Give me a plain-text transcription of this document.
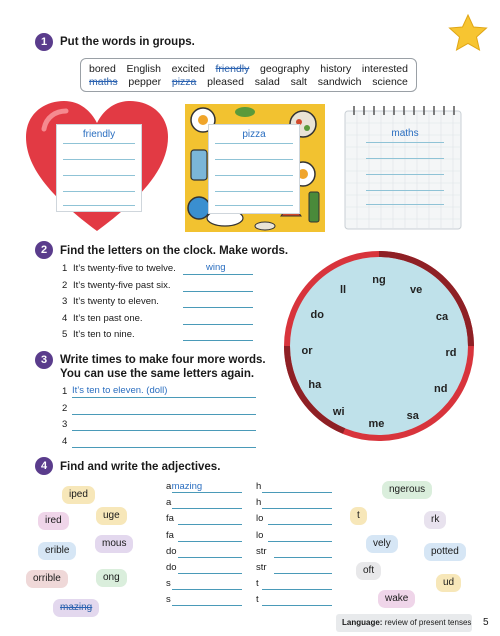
1	Put the words in groups.
bored English excited friendly geography history interested
maths pepper pizza pleased salad salt sandwich science
friendly	pizza	maths
2	Find the letters on the clock. Make words.
1 It’s twenty-five to twelve.	wing
2 It’s twenty-five past six.
3 It’s twenty to eleven.
4 It’s ten past one.
5 It’s ten to nine.
ng
ve
ca
rd
nd
sa
me
wi
ha
or
do
ll
3	Write times to make four more words.
You can use the same letters again.
1 It’s ten to eleven. (doll)
2
3
4
4	Find and write the adjectives.
iped
ired	uge
mous
erible
orrible	ong
mazing
ngerous
t	rk
vely
potted
oft
ud
wake
a mazing
a
fa
fa
do
do
s
s
h
h
lo
lo
str
str
t
t
Language: review of present tenses 5
